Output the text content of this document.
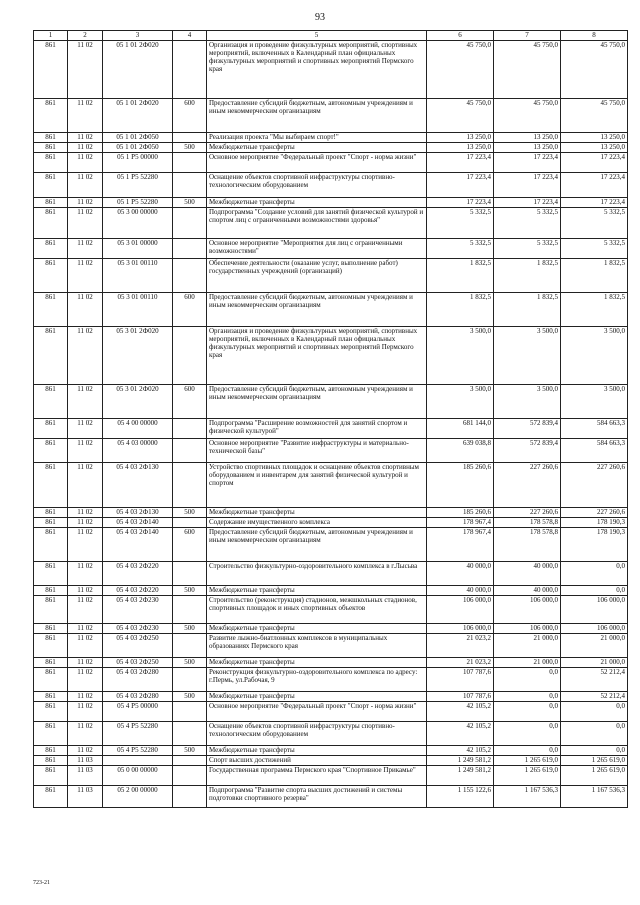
93
1	2	3	4	5	6	7	8
861	11 02	05 1 01 2Ф020		Организация и проведение физкультурных мероприятий, спортивных мероприятий, включенных в Календарный план официальных физкультурных мероприятий и спортивных мероприятий Пермского края	45 750,0	45 750,0	45 750,0
861	11 02	05 1 01 2Ф020	600	Предоставление субсидий бюджетным, автономным учреждениям и иным некоммерческим организациям	45 750,0	45 750,0	45 750,0
861	11 02	05 1 01 2Ф050		Реализация проекта "Мы выбираем спорт!"	13 250,0	13 250,0	13 250,0
861	11 02	05 1 01 2Ф050	500	Межбюджетные трансферты	13 250,0	13 250,0	13 250,0
861	11 02	05 1 P5 00000		Основное мероприятие "Федеральный проект "Спорт - норма жизни"	17 223,4	17 223,4	17 223,4
861	11 02	05 1 P5 52280		Оснащение объектов спортивной инфраструктуры спортивно-технологическим оборудованием	17 223,4	17 223,4	17 223,4
861	11 02	05 1 P5 52280	500	Межбюджетные трансферты	17 223,4	17 223,4	17 223,4
861	11 02	05 3 00 00000		Подпрограмма "Создание условий для занятий физической культурой и спортом лиц с ограниченными возможностями здоровья"	5 332,5	5 332,5	5 332,5
861	11 02	05 3 01 00000		Основное мероприятие "Мероприятия для лиц с ограниченными возможностями"	5 332,5	5 332,5	5 332,5
861	11 02	05 3 01 00110		Обеспечение деятельности (оказание услуг, выполнение работ) государственных учреждений (организаций)	1 832,5	1 832,5	1 832,5
861	11 02	05 3 01 00110	600	Предоставление субсидий бюджетным, автономным учреждениям и иным некоммерческим организациям	1 832,5	1 832,5	1 832,5
861	11 02	05 3 01 2Ф020		Организация и проведение физкультурных мероприятий, спортивных мероприятий, включенных в Календарный план официальных физкультурных мероприятий и спортивных мероприятий Пермского края	3 500,0	3 500,0	3 500,0
861	11 02	05 3 01 2Ф020	600	Предоставление субсидий бюджетным, автономным учреждениям и иным некоммерческим организациям	3 500,0	3 500,0	3 500,0
861	11 02	05 4 00 00000		Подпрограмма "Расширение возможностей для занятий спортом и физической культурой"	681 144,0	572 839,4	584 663,3
861	11 02	05 4 03 00000		Основное мероприятие "Развитие инфраструктуры и материально-технической базы"	639 038,8	572 839,4	584 663,3
861	11 02	05 4 03 2Ф130		Устройство спортивных площадок и оснащение объектов спортивным оборудованием и инвентарем для занятий физической культурой и спортом	185 260,6	227 260,6	227 260,6
861	11 02	05 4 03 2Ф130	500	Межбюджетные трансферты	185 260,6	227 260,6	227 260,6
861	11 02	05 4 03 2Ф140		Содержание имущественного комплекса	178 967,4	178 578,8	178 190,3
861	11 02	05 4 03 2Ф140	600	Предоставление субсидий бюджетным, автономным учреждениям и иным некоммерческим организациям	178 967,4	178 578,8	178 190,3
861	11 02	05 4 03 2Ф220		Строительство физкультурно-оздоровительного комплекса в г.Лысьва	40 000,0	40 000,0	0,0
861	11 02	05 4 03 2Ф220	500	Межбюджетные трансферты	40 000,0	40 000,0	0,0
861	11 02	05 4 03 2Ф230		Строительство (реконструкция) стадионов, межшкольных стадионов, спортивных площадок и иных спортивных объектов	106 000,0	106 000,0	106 000,0
861	11 02	05 4 03 2Ф230	500	Межбюджетные трансферты	106 000,0	106 000,0	106 000,0
861	11 02	05 4 03 2Ф250		Развитие лыжно-биатлонных комплексов в муниципальных образованиях Пермского края	21 023,2	21 000,0	21 000,0
861	11 02	05 4 03 2Ф250	500	Межбюджетные трансферты	21 023,2	21 000,0	21 000,0
861	11 02	05 4 03 2Ф280		Реконструкция физкультурно-оздоровительного комплекса по адресу: г.Пермь, ул.Рабочая, 9	107 787,6	0,0	52 212,4
861	11 02	05 4 03 2Ф280	500	Межбюджетные трансферты	107 787,6	0,0	52 212,4
861	11 02	05 4 P5 00000		Основное мероприятие "Федеральный проект "Спорт - норма жизни"	42 105,2	0,0	0,0
861	11 02	05 4 P5 52280		Оснащение объектов спортивной инфраструктуры спортивно-технологическим оборудованием	42 105,2	0,0	0,0
861	11 02	05 4 P5 52280	500	Межбюджетные трансферты	42 105,2	0,0	0,0
861	11 03			Спорт высших достижений	1 249 581,2	1 265 619,0	1 265 619,0
861	11 03	05 0 00 00000		Государственная программа Пермского края "Спортивное Прикамье"	1 249 581,2	1 265 619,0	1 265 619,0
861	11 03	05 2 00 00000		Подпрограмма "Развитие спорта высших достижений и системы подготовки спортивного резерва"	1 155 122,6	1 167 536,3	1 167 536,3
723-21
